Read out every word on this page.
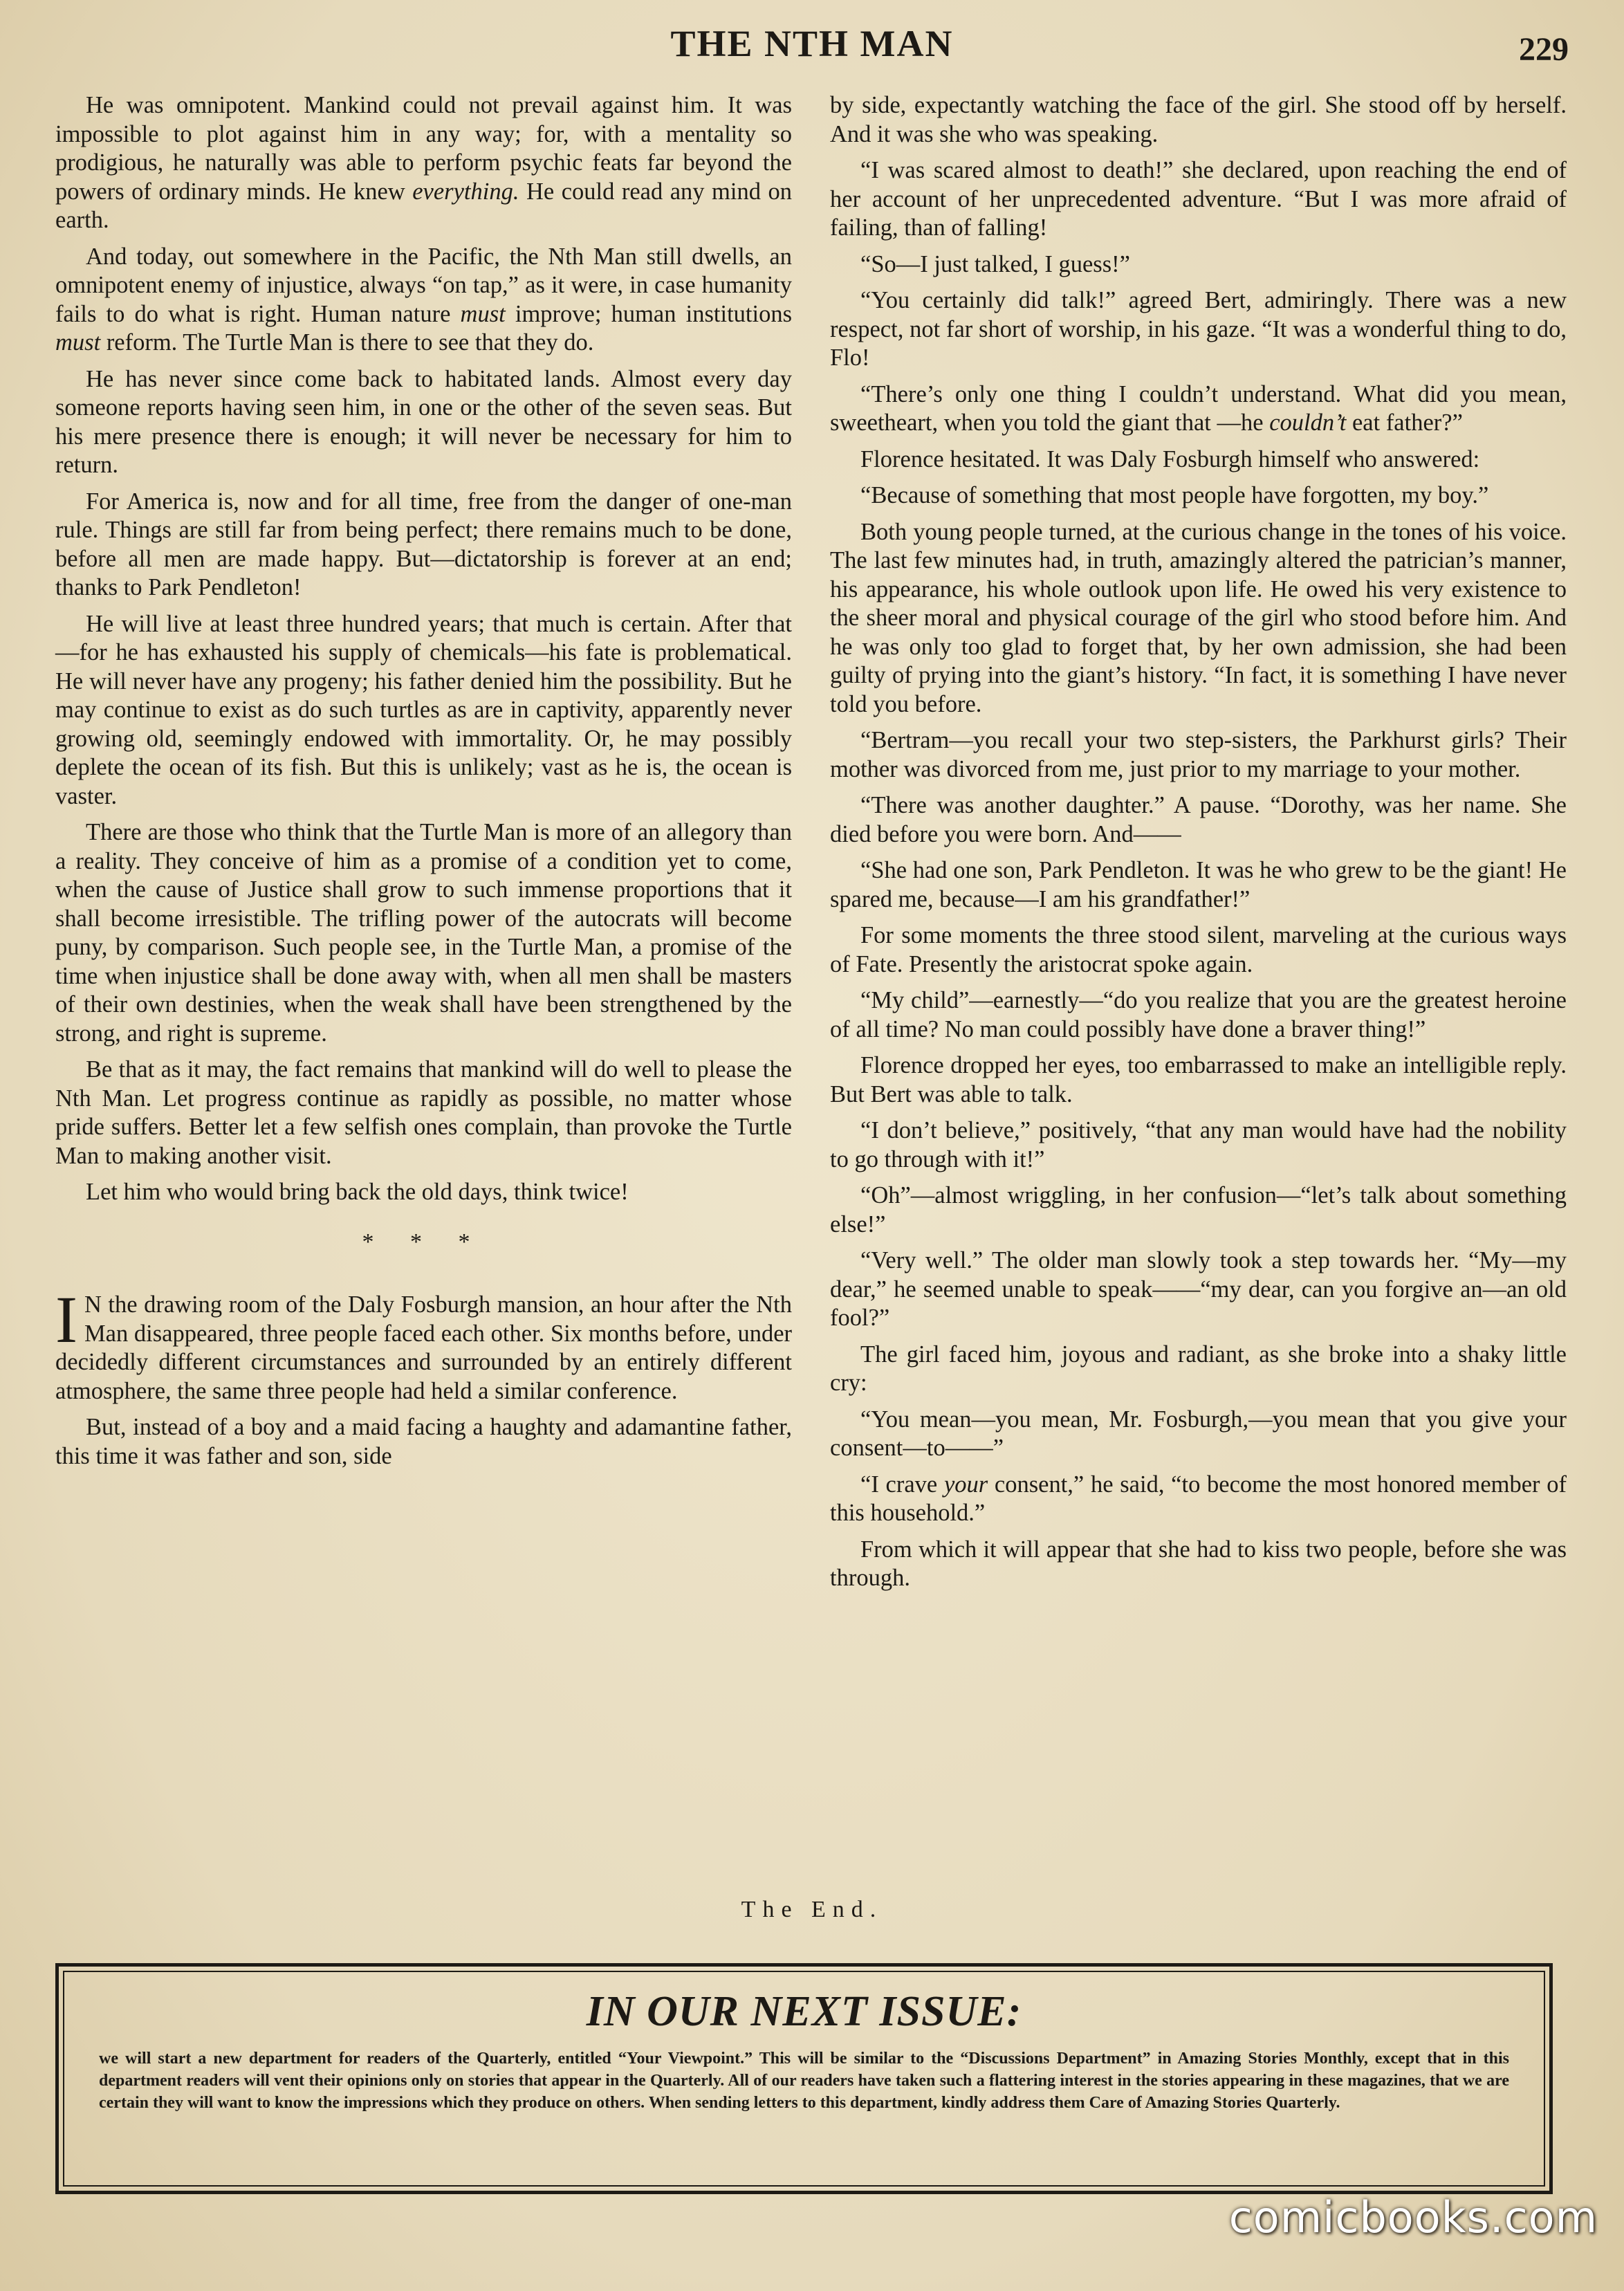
THE NTH MAN	229

He was omnipotent. Mankind could not prevail against him. It was impossible to plot against him in any way; for, with a mentality so prodigious, he naturally was able to perform psychic feats far beyond the powers of ordinary minds. He knew everything. He could read any mind on earth.

And today, out somewhere in the Pacific, the Nth Man still dwells, an omnipotent enemy of injustice, always “on tap,” as it were, in case humanity fails to do what is right. Human nature must improve; human institutions must reform. The Turtle Man is there to see that they do.

He has never since come back to habitated lands. Almost every day someone reports having seen him, in one or the other of the seven seas. But his mere presence there is enough; it will never be necessary for him to return.

For America is, now and for all time, free from the danger of one-man rule. Things are still far from being perfect; there remains much to be done, before all men are made happy. But—dictatorship is forever at an end; thanks to Park Pendleton!

He will live at least three hundred years; that much is certain. After that—for he has exhausted his supply of chemicals—his fate is problematical. He will never have any progeny; his father denied him the possibility. But he may continue to exist as do such turtles as are in captivity, apparently never growing old, seemingly endowed with immortality. Or, he may possibly deplete the ocean of its fish. But this is unlikely; vast as he is, the ocean is vaster.

There are those who think that the Turtle Man is more of an allegory than a reality. They conceive of him as a promise of a condition yet to come, when the cause of Justice shall grow to such immense proportions that it shall become irresistible. The trifling power of the autocrats will become puny, by comparison. Such people see, in the Turtle Man, a promise of the time when injustice shall be done away with, when all men shall be masters of their own destinies, when the weak shall have been strengthened by the strong, and right is supreme.

Be that as it may, the fact remains that mankind will do well to please the Nth Man. Let progress continue as rapidly as possible, no matter whose pride suffers. Better let a few selfish ones complain, than provoke the Turtle Man to making another visit.

Let him who would bring back the old days, think twice!

* * *

I N the drawing room of the Daly Fosburgh mansion, an hour after the Nth Man disappeared, three people faced each other. Six months before, under decidedly different circumstances and surrounded by an entirely different atmosphere, the same three people had held a similar conference.

But, instead of a boy and a maid facing a haughty and adamantine father, this time it was father and son, side

by side, expectantly watching the face of the girl. She stood off by herself. And it was she who was speaking.

“I was scared almost to death!” she declared, upon reaching the end of her account of her unprecedented adventure. “But I was more afraid of failing, than of falling!

“So—I just talked, I guess!”

“You certainly did talk!” agreed Bert, admiringly. There was a new respect, not far short of worship, in his gaze. “It was a wonderful thing to do, Flo!

“There’s only one thing I couldn’t understand. What did you mean, sweetheart, when you told the giant that —he couldn’t eat father?”

Florence hesitated. It was Daly Fosburgh himself who answered:

“Because of something that most people have forgotten, my boy.”

Both young people turned, at the curious change in the tones of his voice. The last few minutes had, in truth, amazingly altered the patrician’s manner, his appearance, his whole outlook upon life. He owed his very existence to the sheer moral and physical courage of the girl who stood before him. And he was only too glad to forget that, by her own admission, she had been guilty of prying into the giant’s history. “In fact, it is something I have never told you before.

“Bertram—you recall your two step-sisters, the Parkhurst girls? Their mother was divorced from me, just prior to my marriage to your mother.

“There was another daughter.” A pause. “Dorothy, was her name. She died before you were born. And——

“She had one son, Park Pendleton. It was he who grew to be the giant! He spared me, because—I am his grandfather!”

For some moments the three stood silent, marveling at the curious ways of Fate. Presently the aristocrat spoke again.

“My child”—earnestly—“do you realize that you are the greatest heroine of all time? No man could possibly have done a braver thing!”

Florence dropped her eyes, too embarrassed to make an intelligible reply. But Bert was able to talk.

“I don’t believe,” positively, “that any man would have had the nobility to go through with it!”

“Oh”—almost wriggling, in her confusion—“let’s talk about something else!”

“Very well.” The older man slowly took a step towards her. “My—my dear,” he seemed unable to speak——“my dear, can you forgive an—an old fool?”

The girl faced him, joyous and radiant, as she broke into a shaky little cry:

“You mean—you mean, Mr. Fosburgh,—you mean that you give your consent—to——”

“I crave your consent,” he said, “to become the most honored member of this household.”

From which it will appear that she had to kiss two people, before she was through.

The End.
IN OUR NEXT ISSUE:
we will start a new department for readers of the Quarterly, entitled “Your Viewpoint.” This will be similar to the “Discussions Department” in Amazing Stories Monthly, except that in this department readers will vent their opinions only on stories that appear in the Quarterly. All of our readers have taken such a flattering interest in the stories appearing in these magazines, that we are certain they will want to know the impressions which they produce on others. When sending letters to this department, kindly address them Care of Amazing Stories Quarterly.
comicbooks.com
